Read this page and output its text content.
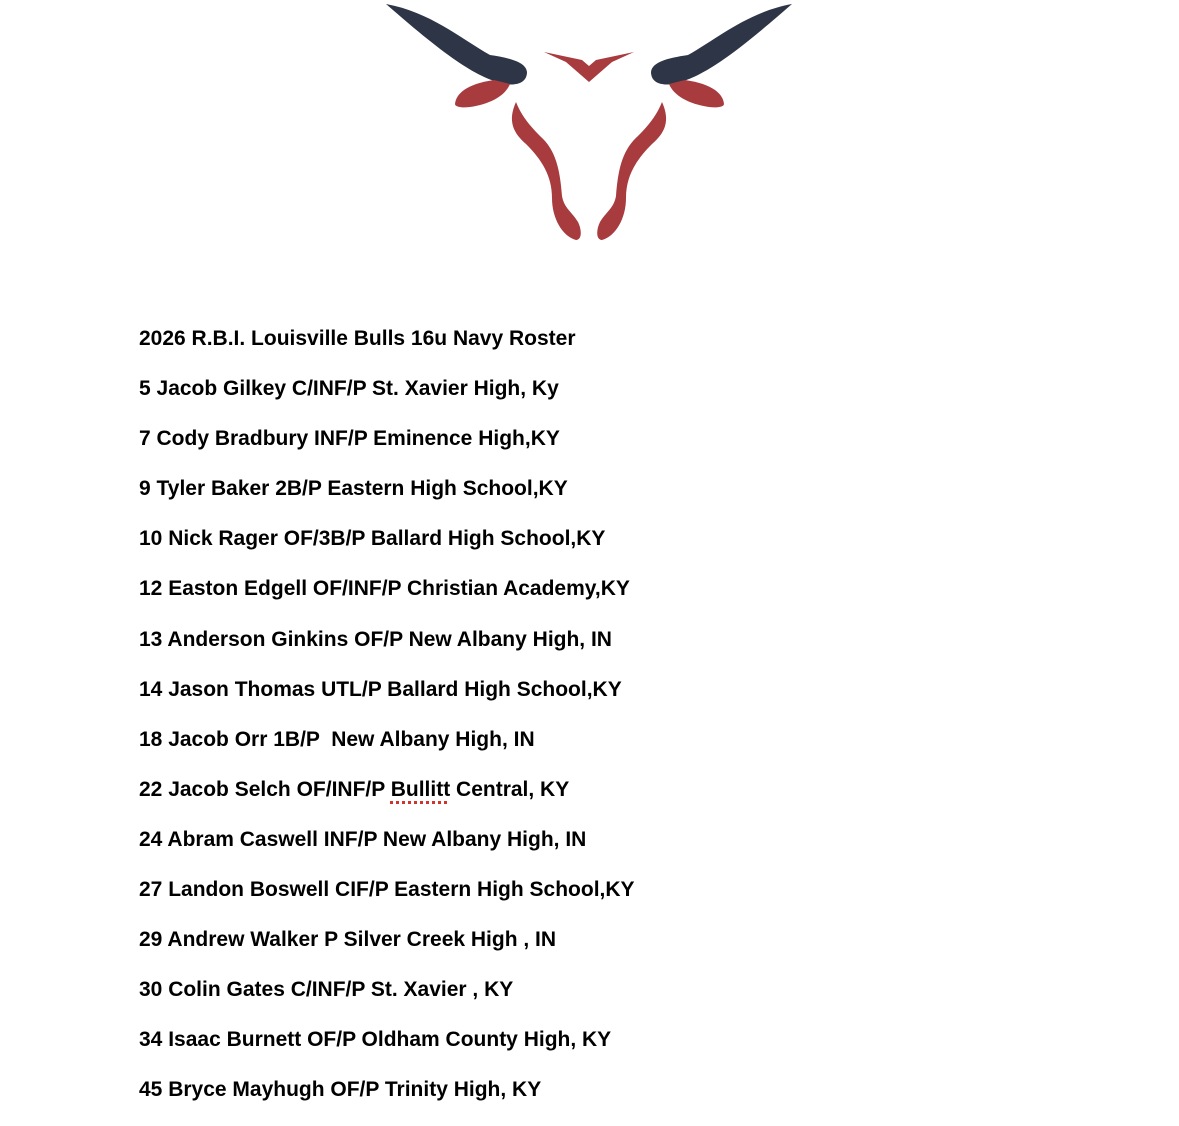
2026 R.B.I. Louisville Bulls 16u Navy Roster
5 Jacob Gilkey C/INF/P St. Xavier High, Ky
7 Cody Bradbury INF/P Eminence High,KY
9 Tyler Baker 2B/P Eastern High School,KY
10 Nick Rager OF/3B/P Ballard High School,KY
12 Easton Edgell OF/INF/P Christian Academy,KY
13 Anderson Ginkins OF/P New Albany High, IN
14 Jason Thomas UTL/P Ballard High School,KY
18 Jacob Orr 1B/P  New Albany High, IN
22 Jacob Selch OF/INF/P Bullitt Central, KY
24 Abram Caswell INF/P New Albany High, IN
27 Landon Boswell CIF/P Eastern High School,KY
29 Andrew Walker P Silver Creek High , IN
30 Colin Gates C/INF/P St. Xavier , KY
34 Isaac Burnett OF/P Oldham County High, KY
45 Bryce Mayhugh OF/P Trinity High, KY
